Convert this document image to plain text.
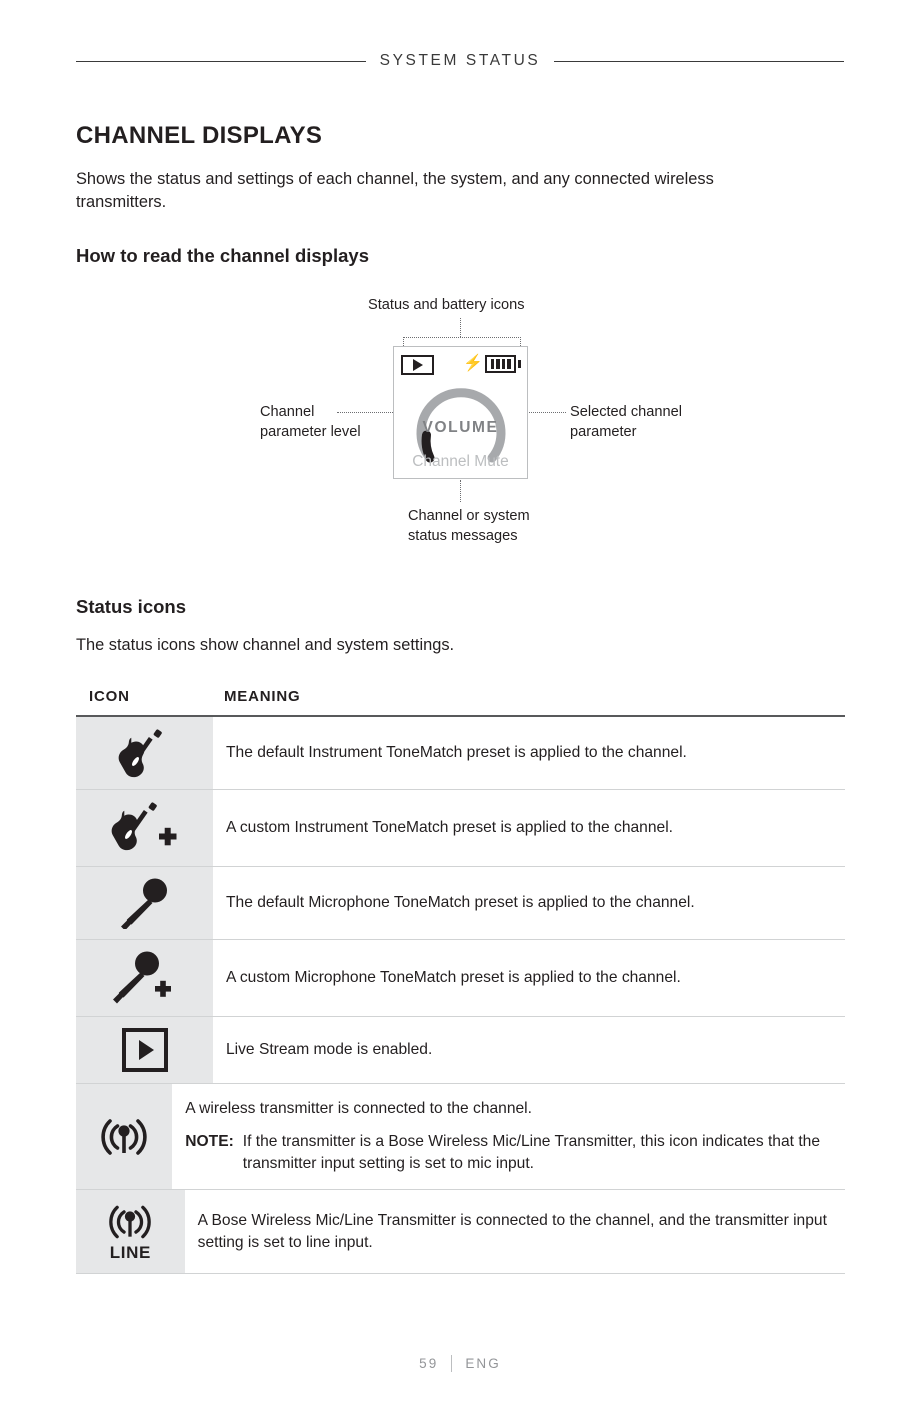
SYSTEM STATUS
CHANNEL DISPLAYS

Shows the status and settings of each channel, the system, and any connected wireless transmitters.

How to read the channel displays
Status and battery icons
Channel parameter level
Selected channel parameter
Channel or system status messages
⚡
VOLUME
Channel Mute
Status icons

The status icons show channel and system settings.

ICON	MEANING
The default Instrument ToneMatch preset is applied to the channel.
A custom Instrument ToneMatch preset is applied to the channel.
The default Microphone ToneMatch preset is applied to the channel.
A custom Microphone ToneMatch preset is applied to the channel.
Live Stream mode is enabled.
A wireless transmitter is connected to the channel.
NOTE: If the transmitter is a Bose Wireless Mic/Line Transmitter, this icon indicates that the transmitter input setting is set to mic input.
LINE
A Bose Wireless Mic/Line Transmitter is connected to the channel, and the transmitter input setting is set to line input.
59 ENG
